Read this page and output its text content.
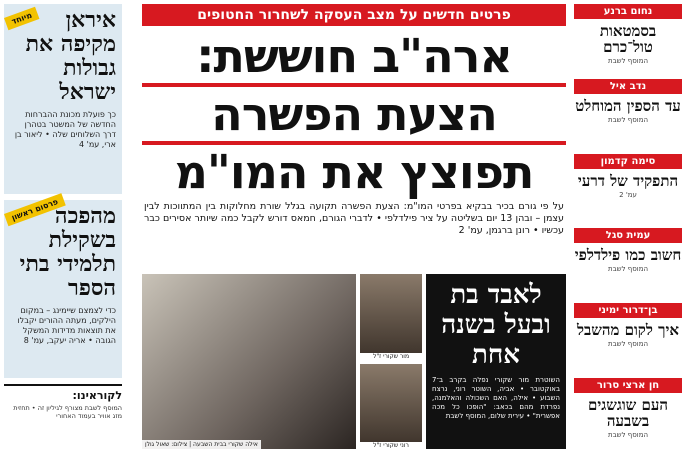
נחום ברנע
בסמטאות טול־כרם
המוסף לשבת
נדב איל
עד הספין המוחלט
המוסף לשבת
סימה קדמון
התפקיד של דרעי
עמ' 2
עמית סגל
חשוב כמו פילדלפי
המוסף לשבת
בן־דרור ימיני
איך לקום מהשבל
המוסף לשבת
חן ארצי סרור
העם שוגשגים בשבעה
המוסף לשבת
פרטים חדשים על מצב העסקה לשחרור החטופים
ארה"ב חוששת:
הצעת הפשרה
תפוצץ את המו"מ
על פי גורם בכיר בבקיא בפרטי המו"מ: הצעת הפשרה תקועה בגלל שורת מחלוקות בין המתווכות לבין עצמן – ובהן 13 יום בשליטה על ציר פילדלפי • לדברי הגורם, חמאס דורש לקבל כמה שיותר אסירים כבר עכשיו • רונן ברגמן, עמ' 2
לאבד בת ובעל בשנה אחת
השוטרת מור שקורי נפלה בקרב ב־7 באוקטובר • אביה, השוטר רוני, נרצח השבוע • אילה, האם השכולה והאלמנה, נפרדת מהם בכאב: "הופכו כל מכה אפשרית" • עירית שלום, המוסף לשבת
מור שקורי ז"ל
רוני שקורי ז"ל
אילה שקורי בבית השבעה | צילום: שאול גולן
מיוחד	איראן מקיפה את גבולות ישראל
כך פועלת מכונת ההברחות החדשה של המשטר בטהרן דרך השלוחים שלה • ליאור בן ארי, עמ' 4
פרסום ראשון
מהפכה בשקילת תלמידי בתי הספר
כדי לצמצם שיימינג – במקום הילקים, מעתה ההורים יקבלו את תוצאות מדידות המשקל הגובה • אריה יעקב, עמ' 8
לקוראינו:
המוסף לשבת מצורף לגיליון זה • תחזית מזג אוויר בעמוד האחורי
